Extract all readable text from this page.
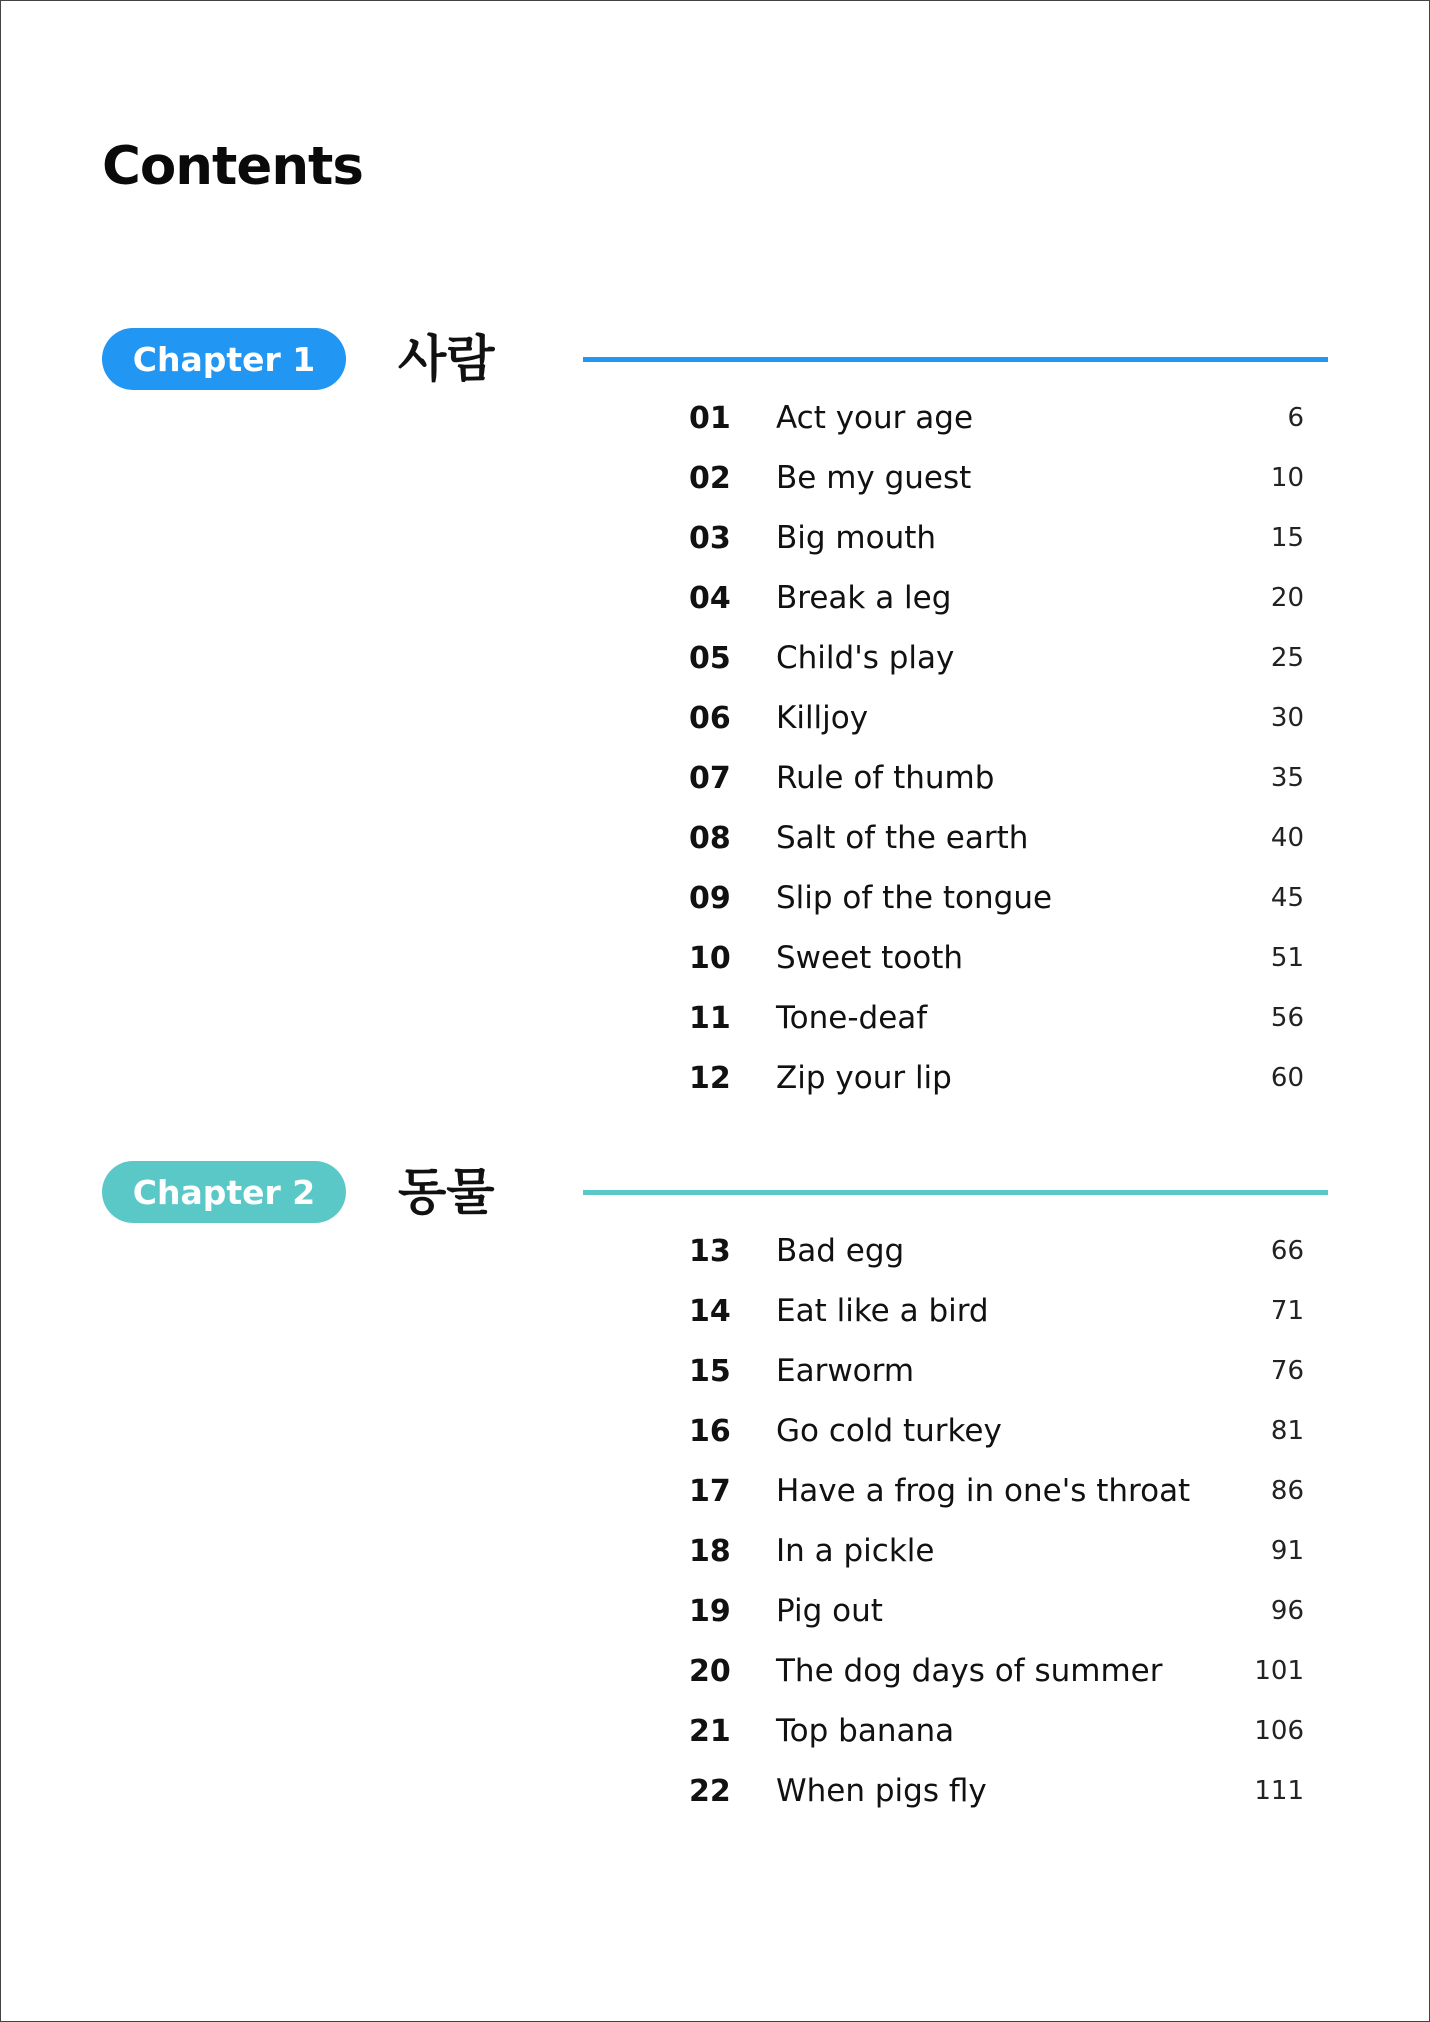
Contents
Chapter 1	사람
01 Act your age	6
02 Be my guest	10
03 Big mouth	15
04 Break a leg	20
05 Child's play	25
06 Killjoy	30
07 Rule of thumb	35
08 Salt of the earth	40
09 Slip of the tongue	45
10 Sweet tooth	51
11 Tone-deaf	56
12 Zip your lip	60
Chapter 2	동물
13 Bad egg	66
14 Eat like a bird	71
15 Earworm	76
16 Go cold turkey	81
17 Have a frog in one's throat	86
18 In a pickle	91
19 Pig out	96
20 The dog days of summer	101
21 Top banana	106
22 When pigs fly	111
